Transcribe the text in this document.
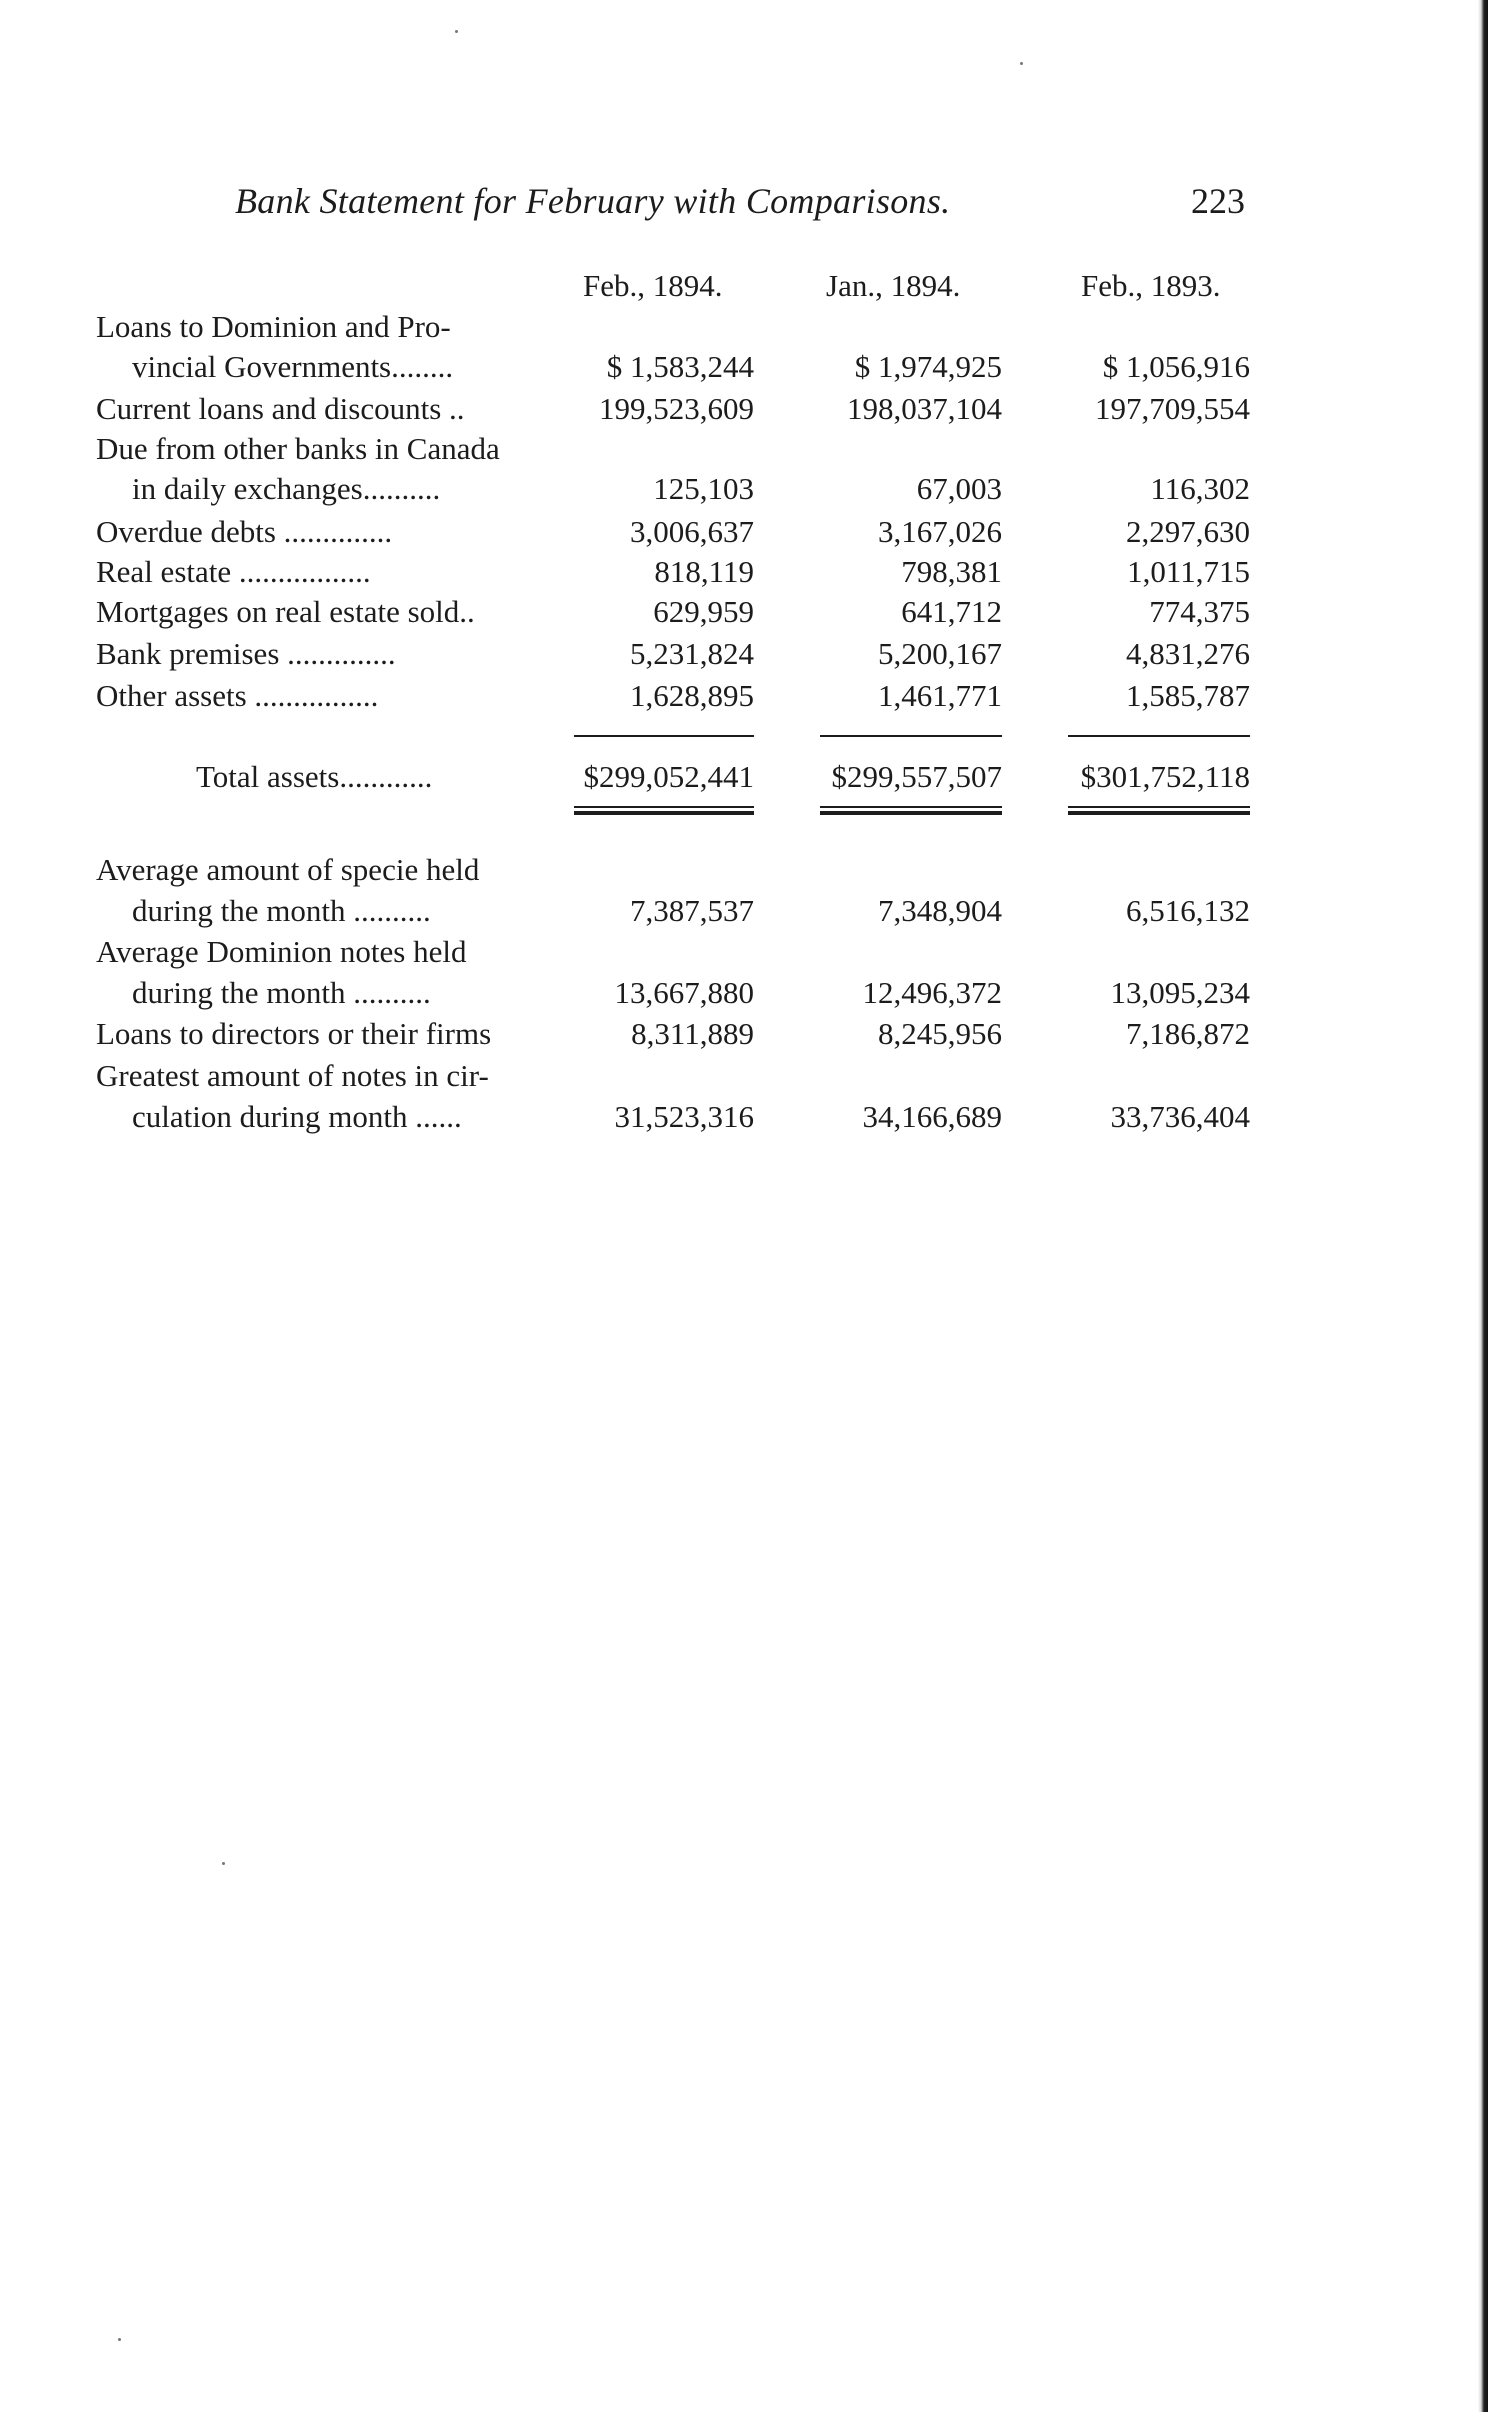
Bank Statement for February with Comparisons.	223
Feb., 1894.	Jan., 1894.	Feb., 1893.
Loans to Dominion and Pro-
vincial Governments........	$ 1,583,244	$ 1,974,925	$ 1,056,916
Current loans and discounts ..	199,523,609	198,037,104	197,709,554
Due from other banks in Canada
in daily exchanges..........	125,103	67,003	116,302
Overdue debts ..............	3,006,637	3,167,026	2,297,630
Real estate .................	818,119	798,381	1,011,715
Mortgages on real estate sold..	629,959	641,712	774,375
Bank premises ..............	5,231,824	5,200,167	4,831,276
Other assets ................	1,628,895	1,461,771	1,585,787
Total assets............	$299,052,441	$299,557,507	$301,752,118
Average amount of specie held
during the month ..........	7,387,537	7,348,904	6,516,132
Average Dominion notes held
during the month ..........	13,667,880	12,496,372	13,095,234
Loans to directors or their firms	8,311,889	8,245,956	7,186,872
Greatest amount of notes in cir-
culation during month ......	31,523,316	34,166,689	33,736,404
